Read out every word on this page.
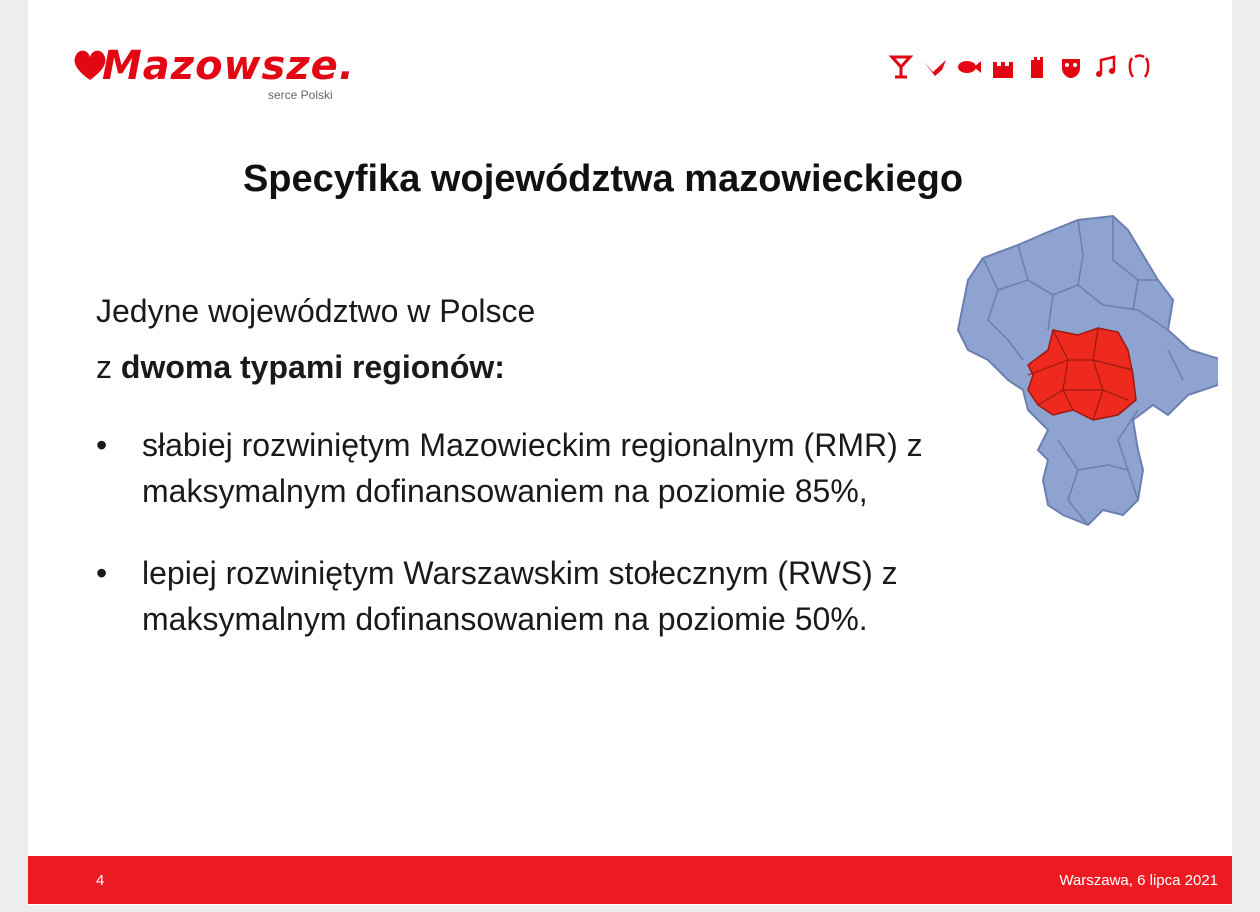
Mazowsze.
serce Polski
Specyfika województwa mazowieckiego
Jedyne województwo w Polsce
z dwoma typami regionów:
• słabiej rozwiniętym Mazowieckim regionalnym (RMR) z maksymalnym dofinansowaniem na poziomie 85%,
• lepiej rozwiniętym Warszawskim stołecznym (RWS) z maksymalnym dofinansowaniem na poziomie 50%.
4	Warszawa, 6 lipca 2021
